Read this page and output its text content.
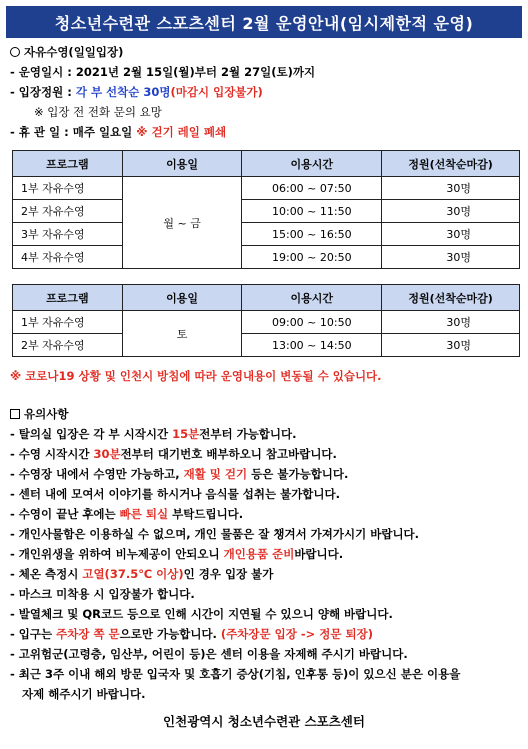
청소년수련관 스포츠센터 2월 운영안내(임시제한적 운영)
자유수영(일일입장)
- 운영일시 : 2021년 2월 15일(월)부터 2월 27일(토)까지
- 입장정원 : 각 부 선착순 30명(마감시 입장불가)
※ 입장 전 전화 문의 요망
- 휴 관 일 : 매주 일요일 ※ 걷기 레일 폐쇄
프로그램	이용일	이용시간	정원(선착순마감)
1부 자유수영	월 ~ 금	06:00 ~ 07:50	30명
2부 자유수영		10:00 ~ 11:50	30명
3부 자유수영		15:00 ~ 16:50	30명
4부 자유수영		19:00 ~ 20:50	30명
프로그램	이용일	이용시간	정원(선착순마감)
1부 자유수영	토	09:00 ~ 10:50	30명
2부 자유수영		13:00 ~ 14:50	30명
※ 코로나19 상황 및 인천시 방침에 따라 운영내용이 변동될 수 있습니다.
유의사항
- 탈의실 입장은 각 부 시작시간 15분전부터 가능합니다.
- 수영 시작시간 30분전부터 대기번호 배부하오니 참고바랍니다.
- 수영장 내에서 수영만 가능하고, 재활 및 걷기 등은 불가능합니다.
- 센터 내에 모여서 이야기를 하시거나 음식물 섭취는 불가합니다.
- 수영이 끝난 후에는 빠른 퇴실 부탁드립니다.
- 개인사물함은 이용하실 수 없으며, 개인 물품은 잘 챙겨서 가져가시기 바랍니다.
- 개인위생을 위하여 비누제공이 안되오니 개인용품 준비바랍니다.
- 체온 측정시 고열(37.5℃ 이상)인 경우 입장 불가
- 마스크 미착용 시 입장불가 합니다.
- 발열체크 및 QR코드 등으로 인해 시간이 지연될 수 있으니 양해 바랍니다.
- 입구는 주차장 쪽 문으로만 가능합니다. (주차장문 입장 -> 정문 퇴장)
- 고위험군(고령층, 임산부, 어린이 등)은 센터 이용을 자제해 주시기 바랍니다.
- 최근 3주 이내 해외 방문 입국자 및 호흡기 증상(기침, 인후통 등)이 있으신 분은 이용을
자제 해주시기 바랍니다.
인천광역시 청소년수련관 스포츠센터
